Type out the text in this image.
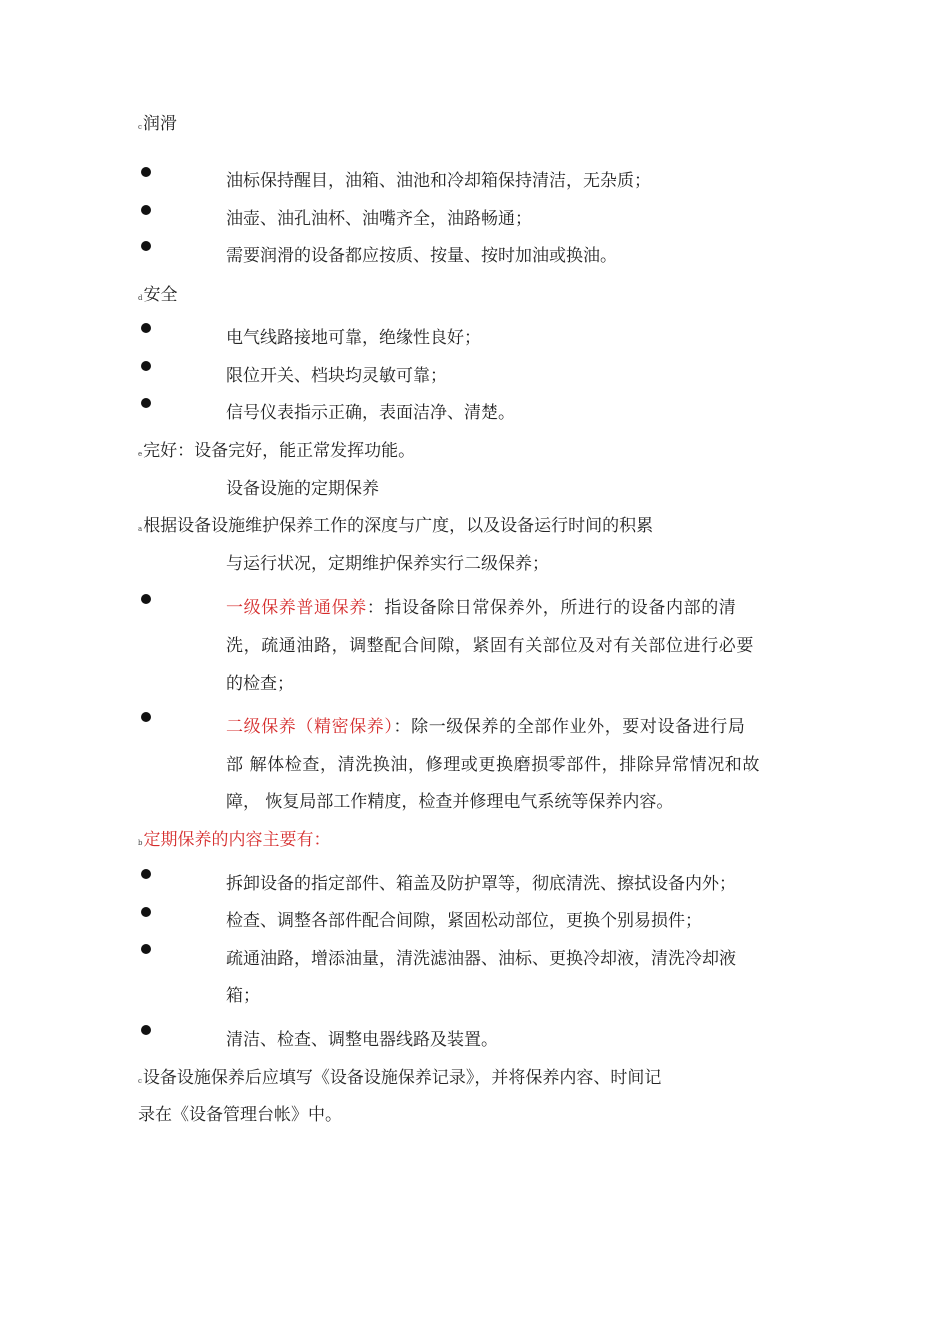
c润滑
油标保持醒目，油箱、油池和冷却箱保持清洁，无杂质；
油壶、油孔油杯、油嘴齐全，油路畅通；
需要润滑的设备都应按质、按量、按时加油或换油。
d安全
电气线路接地可靠，绝缘性良好；
限位开关、档块均灵敏可靠；
信号仪表指示正确，表面洁净、清楚。
e完好：设备完好，能正常发挥功能。
设备设施的定期保养
a根据设备设施维护保养工作的深度与广度，以及设备运行时间的积累
与运行状况，定期维护保养实行二级保养；
一级保养普通保养：指设备除日常保养外，所进行的设备内部的清
洗，疏通油路，调整配合间隙，紧固有关部位及对有关部位进行必要
的检查；
二级保养（精密保养）：除一级保养的全部作业外，要对设备进行局
部 解体检查，清洗换油，修理或更换磨损零部件，排除异常情况和故
障， 恢复局部工作精度，检查并修理电气系统等保养内容。
b定期保养的内容主要有：
拆卸设备的指定部件、箱盖及防护罩等，彻底清洗、擦拭设备内外；
检查、调整各部件配合间隙，紧固松动部位，更换个别易损件；
疏通油路，增添油量，清洗滤油器、油标、更换冷却液，清洗冷却液
箱；
清洁、检查、调整电器线路及装置。
c设备设施保养后应填写《设备设施保养记录》，并将保养内容、时间记
录在《设备管理台帐》中。
